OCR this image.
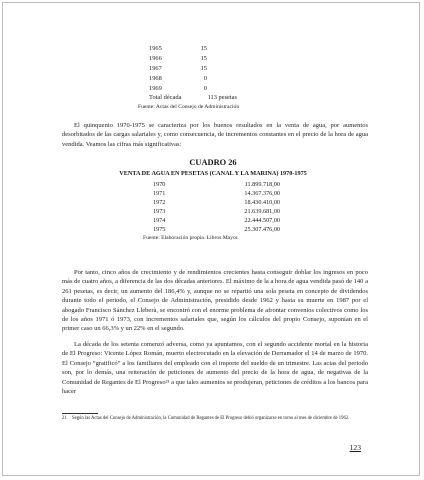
1965	15
1966	15
1967	15
1968	0
1969	0
Total década	113 pesetas
Fuente: Actas del Consejo de Administración

El quinquenio 1970-1975 se caracteriza por los buenos resultados en la venta de agua, por aumentos desorbitados de las cargas salariales y, como consecuencia, de incrementos constantes en el precio de la hora de agua vendida. Veamos las cifras más significativas:

CUADRO 26
VENTA DE AGUA EN PESETAS (CANAL Y LA MARINA) 1970-1975
1970	11.899.718,00
1971	14.367.376,00
1972	18.430.410,00
1973	21.639.681,00
1974	22.444.507,00
1975	25.307.476,00
Fuente: Elaboración propia. Libros Mayor.

Por tanto, cinco años de crecimiento y de rendimientos crecientes hasta conseguir doblar los ingresos en poco más de cuatro años, a diferencia de las dos décadas anteriores. El máximo de la a hora de agua vendida pasó de 140 a 261 pesetas, es decir, un aumento del 186,4% y, aunque no se repartió una sola peseta en concepto de dividendos durante todo el periodo, el Consejo de Administración, presidido desde 1962 y hasta su muerte en 1987 por el abogado Francisco Sánchez Lleberà, se encontró con el enorme problema de afrontar convenios colectivos como los de los años 1971 ó 1973, con incrementos salariales que, según los cálculos del propio Consejo, suponían en el primer caso un 66,3% y un 22% en el segundo.

La década de los setenta comenzó adversa, como ya apuntamos, con el segundo accidente mortal en la historia de El Progreso: Vicente López Román, muerto electrocutado en la elevación de Derramador el 14 de marzo de 1970. El Consejo “gratificó” a los familiares del empleado con el importe del sueldo de un trimestre. Las actas del periodo son, por lo demás, una reiteración de peticiones de aumento del precio de la hora de agua, de negativas de la Comunidad de Regantes de El Progreso²¹ a que tales aumentos se produjeran, peticiones de créditos a los bancos para hacer

21	Según las Actas del Consejo de Administración, la Comunidad de Regantes de El Progreso debió organizarse en torno al mes de diciembre de 1962.
123
